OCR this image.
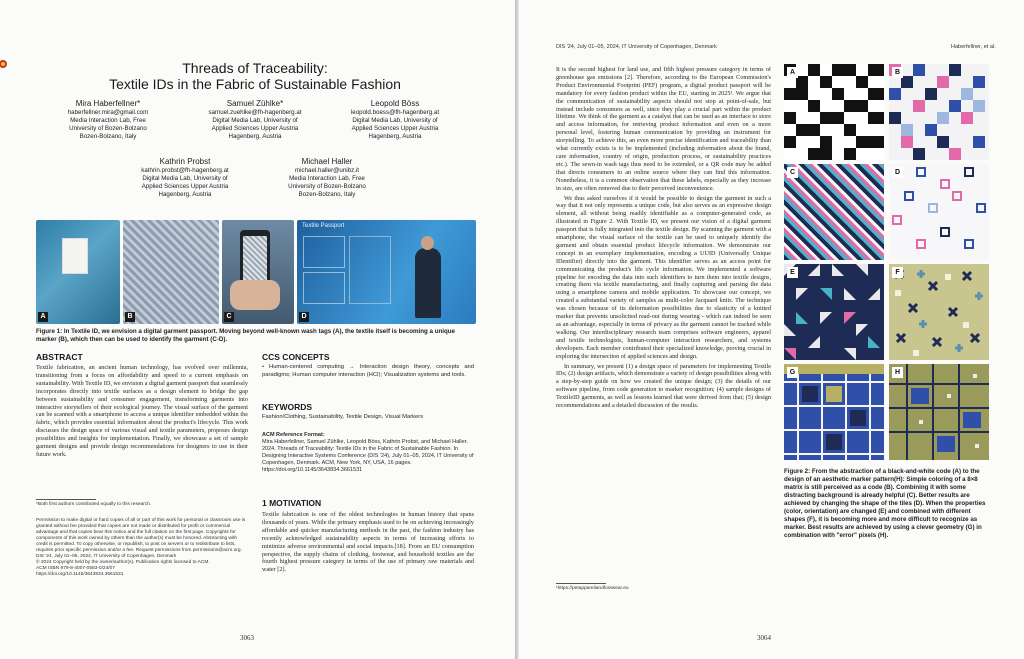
Threads of Traceability:
Textile IDs in the Fabric of Sustainable Fashion
Mira Haberfellner*
haberfellner.mira@gmail.com
Media Interaction Lab, Free
University of Bozen-Bolzano
Bozen-Bolzano, Italy
Samuel Zühlke*
samuel.zuehlke@fh-hagenberg.at
Digital Media Lab, University of
Applied Sciences Upper Austria
Hagenberg, Austria
Leopold Böss
leopold.boess@fh-hagenberg.at
Digital Media Lab, University of
Applied Sciences Upper Austria
Hagenberg, Austria
Kathrin Probst
kathrin.probst@fh-hagenberg.at
Digital Media Lab, University of
Applied Sciences Upper Austria
Hagenberg, Austria
Michael Haller
michael.haller@unibz.it
Media Interaction Lab, Free
University of Bozen-Bolzano
Bozen-Bolzano, Italy
A	B	C
Textile Passport
D
Figure 1: In Textile ID, we envision a digital garment passport. Moving beyond well-known wash tags (A), the textile itself is becoming a unique marker (B), which then can be used to identify the garment (C-D).
ABSTRACT
Textile fabrication, an ancient human technology, has evolved over millennia, transitioning from a focus on affordability and speed to a current emphasis on sustainability. With Textile ID, we envision a digital garment passport that seamlessly incorporates directly into textile surfaces as a design element to bridge the gap between sustainability and consumer engagement, transforming garments into interactive storytellers of their ecological journey. The visual surface of the garment can be scanned with a smartphone to access a unique identifier embedded within the fabric, which provides essential information about the product's lifecycle. This work discusses the design space of various visual and textile parameters, proposes design possibilities and insights for implementation. Finally, we showcase a set of sample garment designs and provide design recommendations for designers to use in their future work.
*Both first authors contributed equally to this research.
Permission to make digital or hard copies of all or part of this work for personal or classroom use is granted without fee provided that copies are not made or distributed for profit or commercial advantage and that copies bear this notice and the full citation on the first page. Copyrights for components of this work owned by others than the author(s) must be honored. Abstracting with credit is permitted. To copy otherwise, or republish, to post on servers or to redistribute to lists, requires prior specific permission and/or a fee. Request permissions from permissions@acm.org.
DIS '24, July 01–05, 2024, IT University of Copenhagen, Denmark
© 2024 Copyright held by the owner/author(s). Publication rights licensed to ACM.
ACM ISBN 979-8-4007-0583-0/24/07
https://doi.org/10.1145/3643834.3661531
CCS CONCEPTS
• Human-centered computing → Interaction design theory, concepts and paradigms; Human computer interaction (HCI); Visualization systems and tools.
KEYWORDS
Fashion/Clothing, Sustainability, Textile Design, Visual Markers
ACM Reference Format:
Mira Haberfellner, Samuel Zühlke, Leopold Böss, Kathrin Probst, and Michael Haller. 2024. Threads of Traceability: Textile IDs in the Fabric of Sustainable Fashion. In Designing Interactive Systems Conference (DIS '24), July 01–05, 2024, IT University of Copenhagen, Denmark. ACM, New York, NY, USA, 16 pages. https://doi.org/10.1145/3643834.3661531
1 MOTIVATION
Textile fabrication is one of the oldest technologies in human history that spans thousands of years. While the primary emphasis used to be on achieving increasingly affordable and quicker manufacturing methods in the past, the fashion industry has recently acknowledged sustainability aspects in terms of increasing efforts to minimize adverse environmental and social impacts.[18]. From an EU consumption perspective, the supply chains of clothing, footwear, and household textiles are the fourth highest pressure category in terms of the use of primary raw materials and water [2].
3063
DIS '24, July 01–05, 2024, IT University of Copenhagen, Denmark	Haberfellner, et al.

It is the second highest for land use, and fifth highest pressure category in terms of greenhouse gas emissions [2]. Therefore, according to the European Commission's Product Environmental Footprint (PEF) program, a digital product passport will be mandatory for every fashion product within the EU, starting in 2025¹. We argue that the communication of sustainability aspects should not stop at point-of-sale, but instead include consumers as well, since they play a crucial part within the product lifetime. We think of the garment as a catalyst that can be used as an interface to store and access information, for retrieving product information and even on a more personal level, fostering human communication by providing an instrument for storytelling. To achieve this, an even more precise identification and traceability than what currently exists is to be implemented (including information about the brand, care information, country of origin, production process, or sustainability practices etc.). The sewn-in wash tags thus need to be extended, or a QR code may be added that directs consumers to an online source where they can find this information. Nonetheless, it is a common observation that these labels, especially as they increase in size, are often removed due to their perceived inconvenience.

We thus asked ourselves if it would be possible to design the garment in such a way that it not only represents a unique code, but also serves as an expressive design element, all without being readily identifiable as a computer-generated code, as illustrated in Figure 2. With Textile ID, we present our vision of a digital garment passport that is fully integrated into the textile design. By scanning the garment with a smartphone, the visual surface of the textile can be used to uniquely identify the garment and obtain essential product lifecycle information. We demonstrate our concept in an exemplary implementation, encoding a UUID (Universally Unique IDentifier) directly into the garment. This identifier serves as an access point for communicating the product's life cycle information. We implemented a software pipeline for encoding the data into such identifiers to turn them into textile designs, creating them via textile manufacturing, and finally capturing and parsing the data using a smartphone camera and mobile application. To showcase our concept, we created a substantial variety of samples as multi-color Jacquard knits. The technique was chosen because of its deformation possibilities due to elasticity of a knitted marker that prevents unsolicited read-out during wearing - which can indeed be seen as an advantage, especially in terms of privacy as the garment cannot be tracked while walking. Our interdisciplinary research team comprises software engineers, apparel and textile technologists, human-computer interaction researchers, and systems developers. Each member contributed their specialized knowledge, proving crucial in exploring the intersection of applied sciences and design.

In summary, we present (1) a design space of parameters for implementing Textile IDs; (2) design artifacts, which demonstrate a variety of design possibilities along with a step-by-step guide on how we created the unique design; (3) the details of our software pipeline, from code generation to marker recognition; (4) sample designs of TextileID garments, as well as lessons learned that were derived from that; (5) design recommendations and a detailed discussion of the results.

¹https://petappareilandfootwear.eu
A	B
C	D
E	F
G	H
Figure 2: From the abstraction of a black-and-white code (A) to the design of an aesthetic marker pattern(H): Simple coloring of a 8×8 matrix is still perceived as a code (B). Combining it with some distracting background is already helpful (C). Better results are achieved by changing the shape of the tiles (D). When the properties (color, orientation) are changed (E) and combined with different shapes (F), it is becoming more and more difficult to recognize as marker. Best results are achieved by using a clever geometry (G) in combination with "error" pixels (H).
3064
